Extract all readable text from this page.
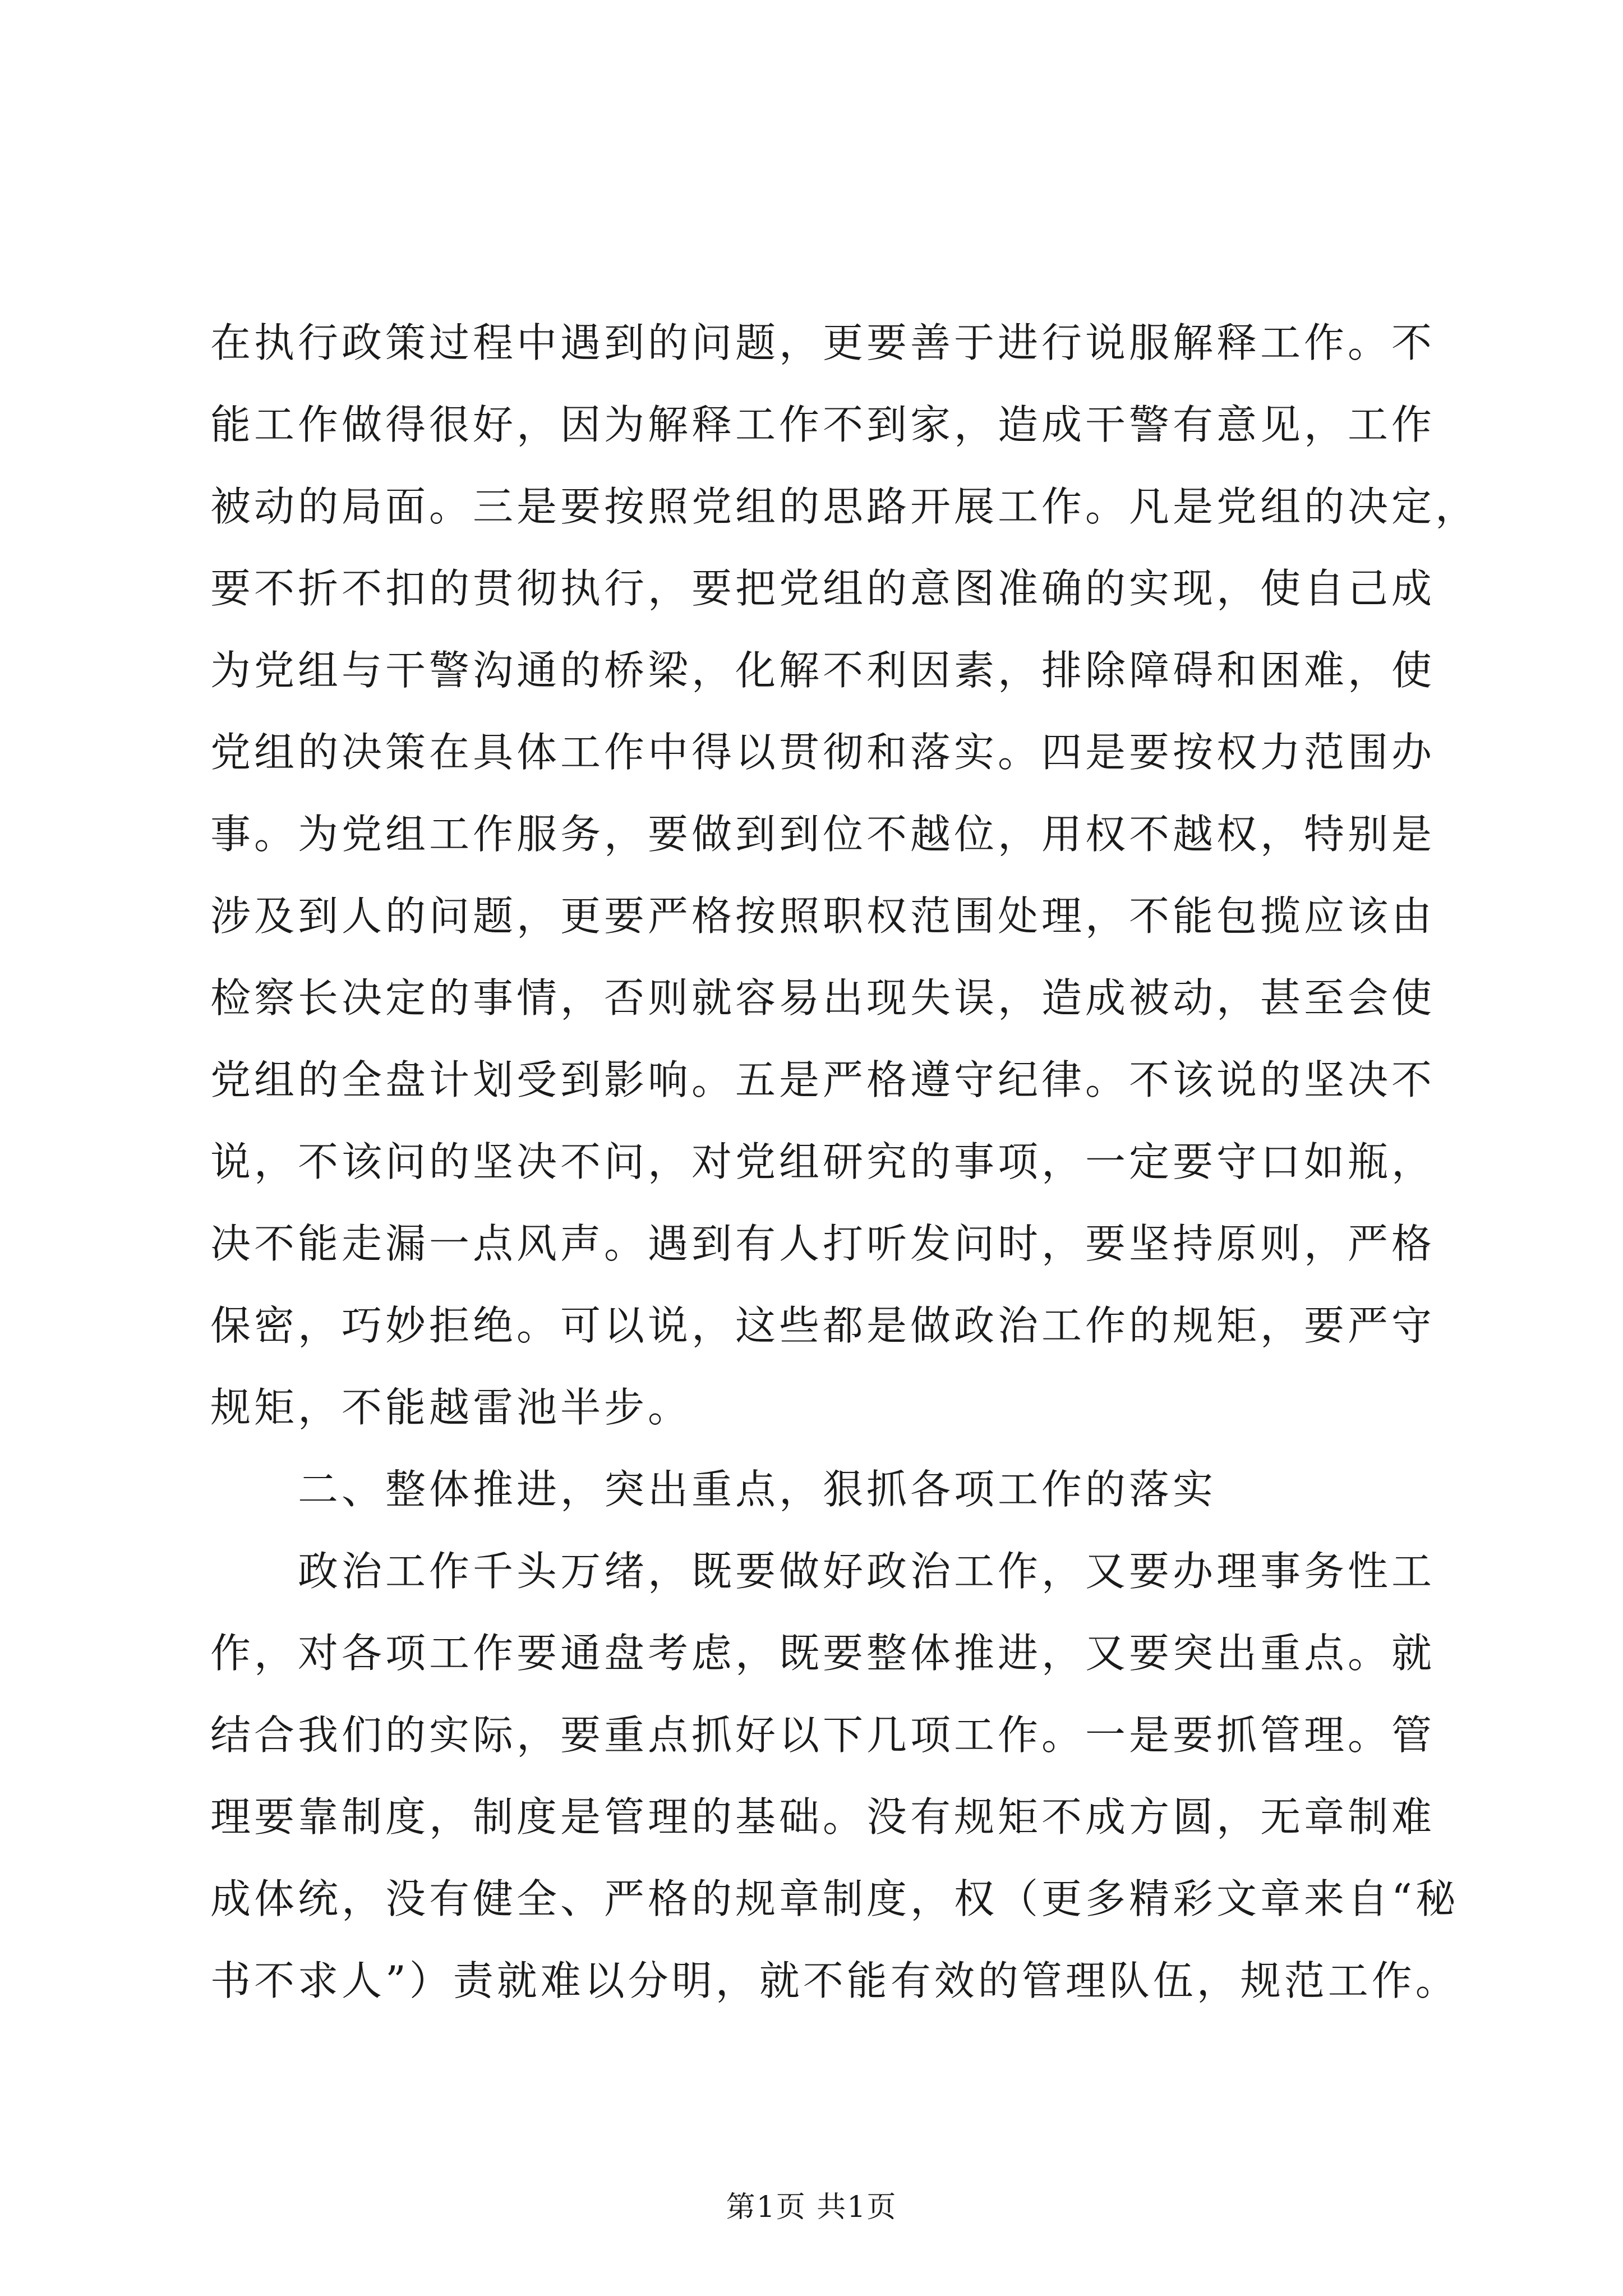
在执行政策过程中遇到的问题，更要善于进行说服解释工作。不
能工作做得很好，因为解释工作不到家，造成干警有意见，工作
被动的局面。三是要按照党组的思路开展工作。凡是党组的决定，
要不折不扣的贯彻执行，要把党组的意图准确的实现，使自己成
为党组与干警沟通的桥梁，化解不利因素，排除障碍和困难，使
党组的决策在具体工作中得以贯彻和落实。四是要按权力范围办
事。为党组工作服务，要做到到位不越位，用权不越权，特别是
涉及到人的问题，更要严格按照职权范围处理，不能包揽应该由
检察长决定的事情，否则就容易出现失误，造成被动，甚至会使
党组的全盘计划受到影响。五是严格遵守纪律。不该说的坚决不
说，不该问的坚决不问，对党组研究的事项，一定要守口如瓶，
决不能走漏一点风声。遇到有人打听发问时，要坚持原则，严格
保密，巧妙拒绝。可以说，这些都是做政治工作的规矩，要严守
规矩，不能越雷池半步。
二、整体推进，突出重点，狠抓各项工作的落实
政治工作千头万绪，既要做好政治工作，又要办理事务性工
作，对各项工作要通盘考虑，既要整体推进，又要突出重点。就
结合我们的实际，要重点抓好以下几项工作。一是要抓管理。管
理要靠制度，制度是管理的基础。没有规矩不成方圆，无章制难
成体统，没有健全、严格的规章制度，权（更多精彩文章来自“秘
书不求人”）责就难以分明，就不能有效的管理队伍，规范工作。
第1页 共1页
